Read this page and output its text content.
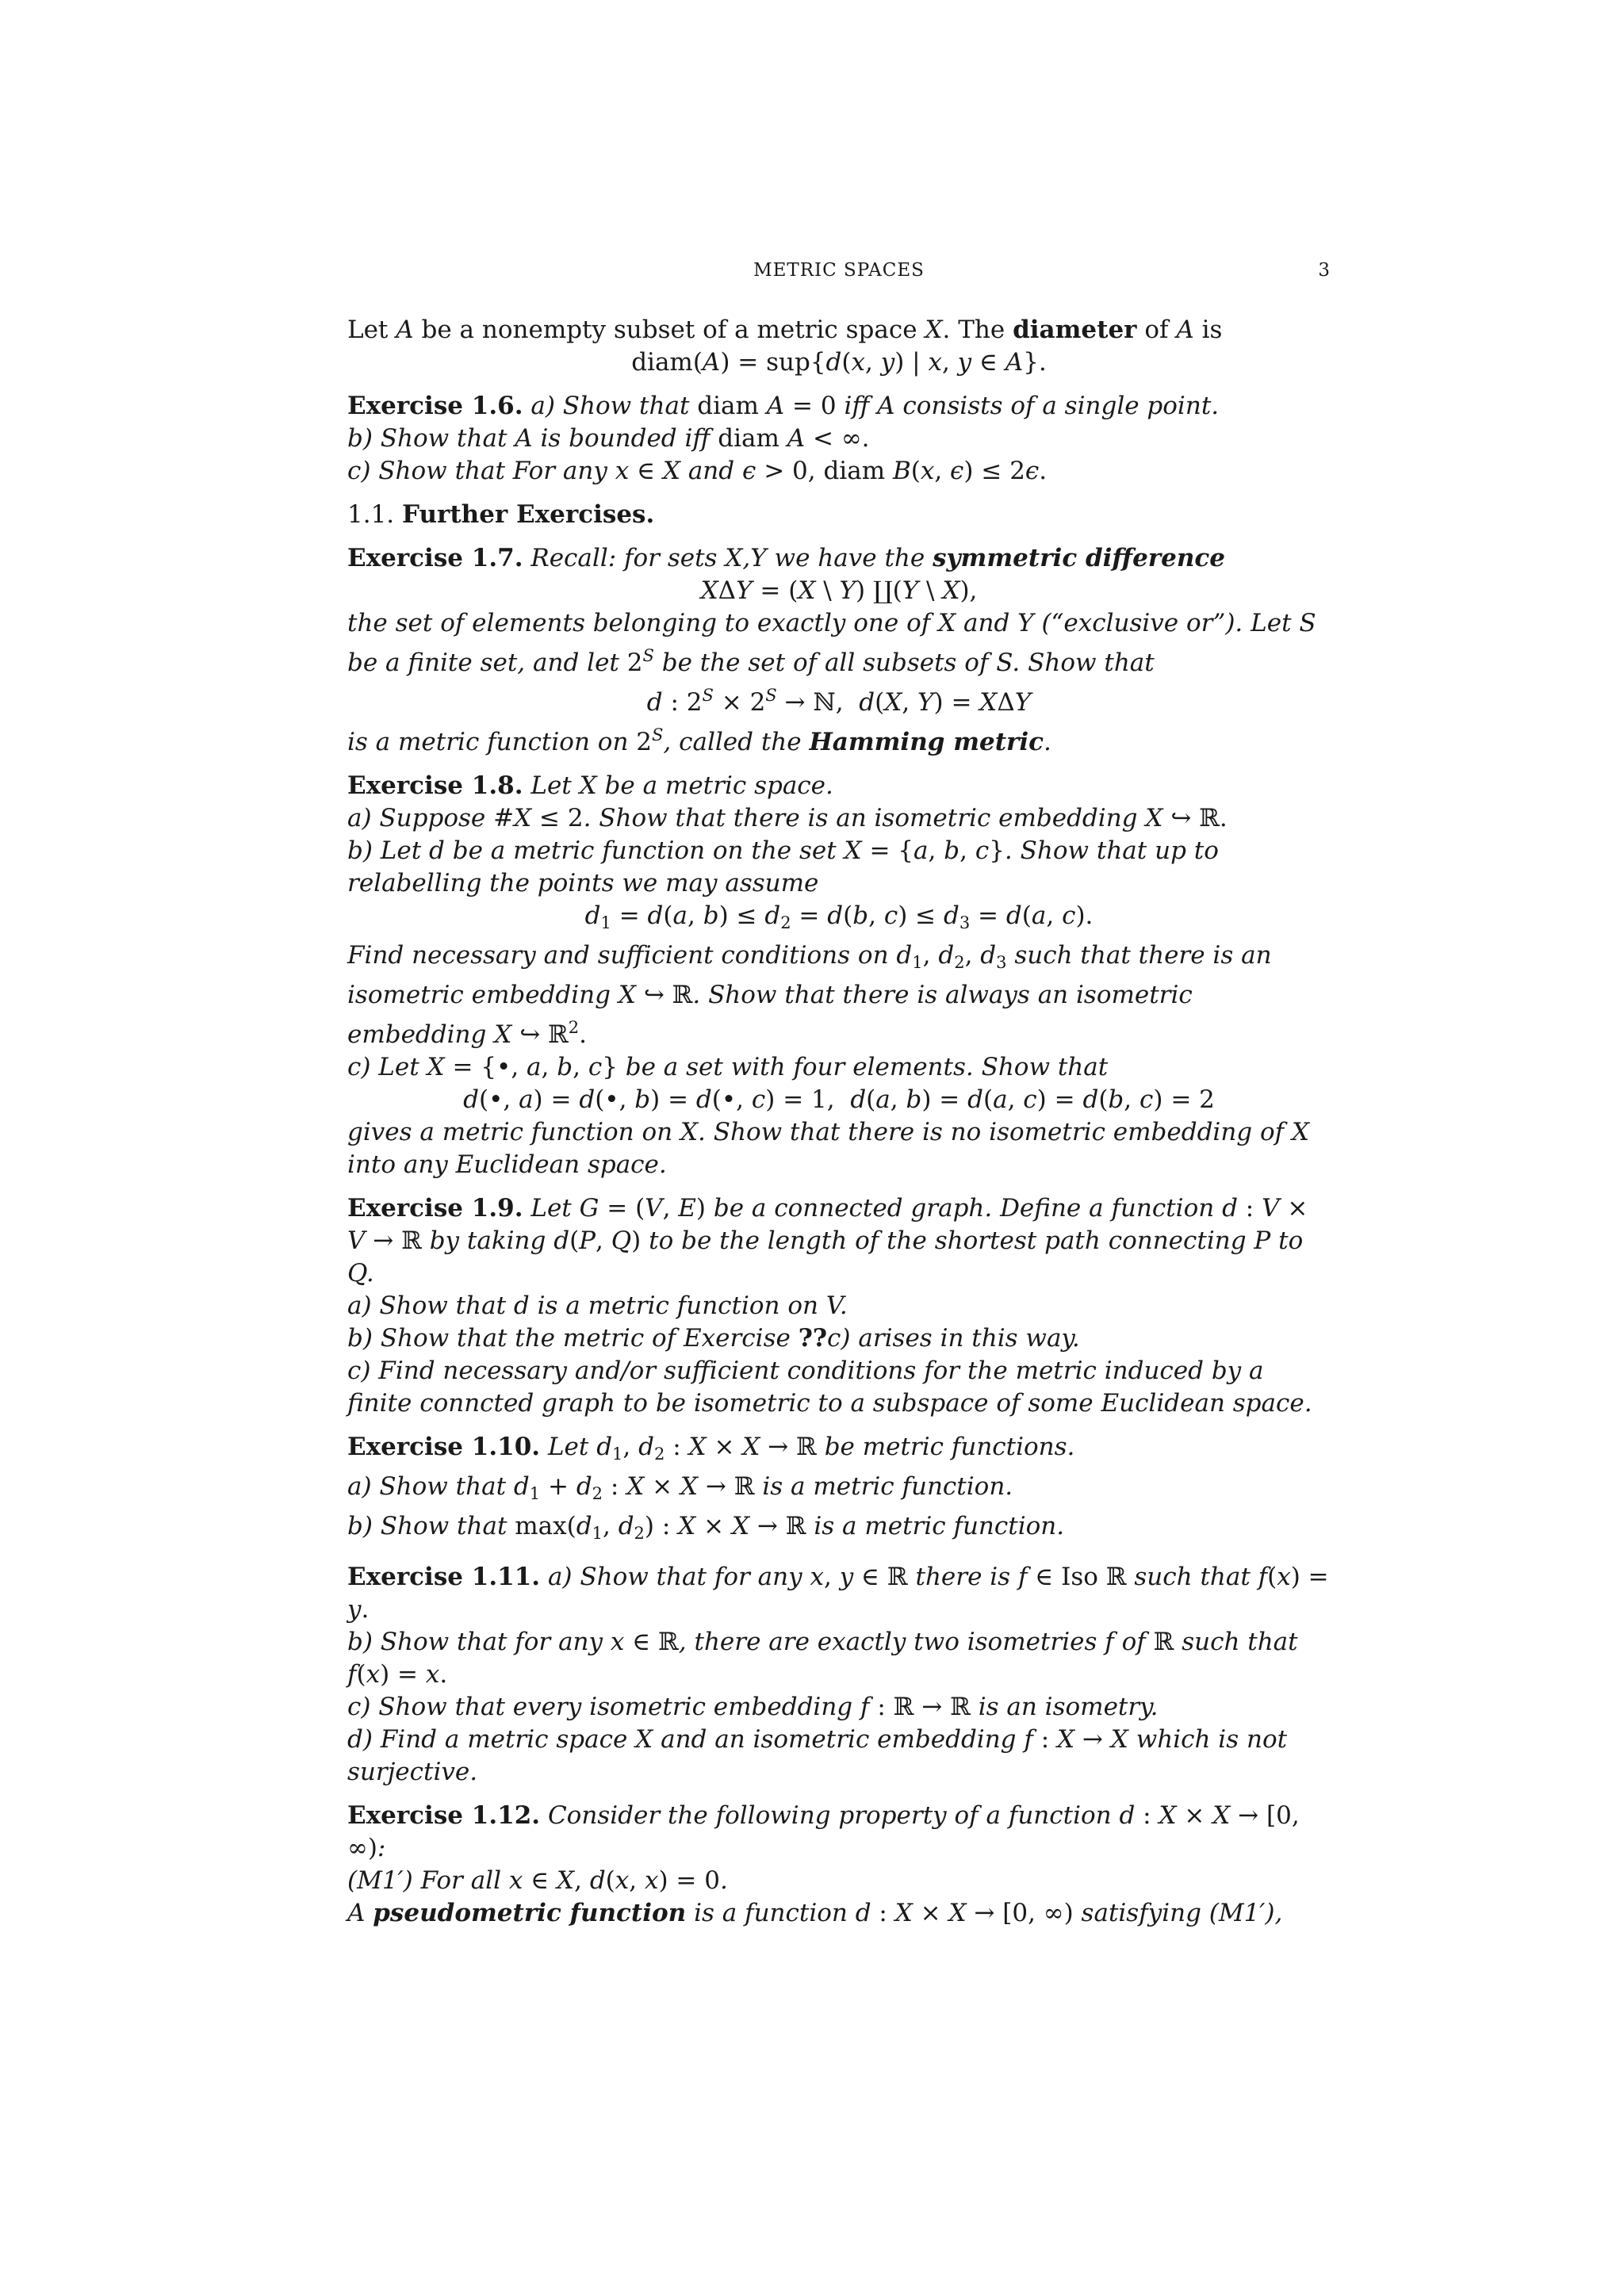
METRIC SPACES	3

Let A be a nonempty subset of a metric space X. The diameter of A is

diam(A) = sup{d(x, y) | x, y ∈ A}.

Exercise 1.6. a) Show that diam A = 0 iff A consists of a single point.
b) Show that A is bounded iff diam A < ∞.
c) Show that For any x ∈ X and ϵ > 0, diam B(x, ϵ) ≤ 2ϵ.

1.1. Further Exercises.

Exercise 1.7. Recall: for sets X,Y we have the symmetric difference

XΔY = (X \ Y) ∐(Y \ X),

the set of elements belonging to exactly one of X and Y (“exclusive or”). Let S be a finite set, and let $2^S$ be the set of all subsets of S. Show that

d : $2^S \times 2^S$ → ℕ,  d(X, Y) = XΔY

is a metric function on $2^S$, called the Hamming metric.

Exercise 1.8. Let X be a metric space.
a) Suppose #X ≤ 2. Show that there is an isometric embedding X ↪ ℝ.
b) Let d be a metric function on the set X = {a, b, c}. Show that up to relabelling the points we may assume

$d_1 = d(a$, $b) \le d_2 = d(b$, $c) \le d_3 = d(a$, c).

Find necessary and sufficient conditions on $d_1$, $d_2$, $d_3$ such that there is an isometric embedding X ↪ ℝ. Show that there is always an isometric embedding X ↪ ℝ$^2$.
c) Let X = {•, a, b, c} be a set with four elements. Show that

d(•, a) = d(•, b) = d(•, c) = 1,  d(a, b) = d(a, c) = d(b, c) = 2

gives a metric function on X. Show that there is no isometric embedding of X into any Euclidean space.

Exercise 1.9. Let G = (V, E) be a connected graph. Define a function d : V × V → ℝ by taking d(P, Q) to be the length of the shortest path connecting P to Q.
a) Show that d is a metric function on V.
b) Show that the metric of Exercise ??c) arises in this way.
c) Find necessary and/or sufficient conditions for the metric induced by a finite conncted graph to be isometric to a subspace of some Euclidean space.

Exercise 1.10. Let $d_1$, $d_2$ : X × X → ℝ be metric functions.
a) Show that $d_1 + d_2$ : X × X → ℝ is a metric function.
b) Show that $\max(d_1$, $d_2$) : X × X → ℝ is a metric function.

Exercise 1.11. a) Show that for any x, y ∈ ℝ there is f ∈ Iso ℝ such that f(x) = y.
b) Show that for any x ∈ ℝ, there are exactly two isometries f of ℝ such that f(x) = x.
c) Show that every isometric embedding f : ℝ → ℝ is an isometry.
d) Find a metric space X and an isometric embedding f : X → X which is not surjective.

Exercise 1.12. Consider the following property of a function d : X × X → [0, ∞):
(M1′) For all x ∈ X, d(x, x) = 0.
A pseudometric function is a function d : X × X → [0, ∞) satisfying (M1′),
